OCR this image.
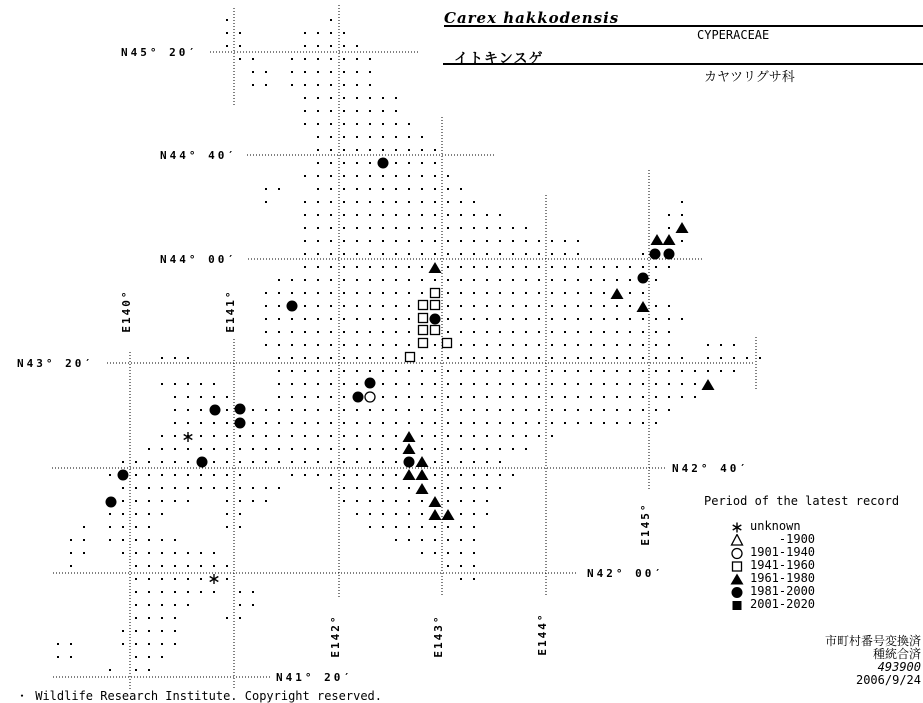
N45° 20′
N44° 40′
N44° 00′
N43° 20′
N42° 40′
N42° 00′
N41° 20′
E140°	E141°
E142°	E143°	E144°
E145°
Carex hakkodensis
CYPERACEAE
イトキンスゲ
カヤツリグサ科
Period of the latest record
unknown
-1900
1901-1940
1941-1960
1961-1980
1981-2000
2001-2020
市町村番号変換済
種統合済
493900
2006/9/24
・ Wildlife Research Institute. Copyright reserved.
